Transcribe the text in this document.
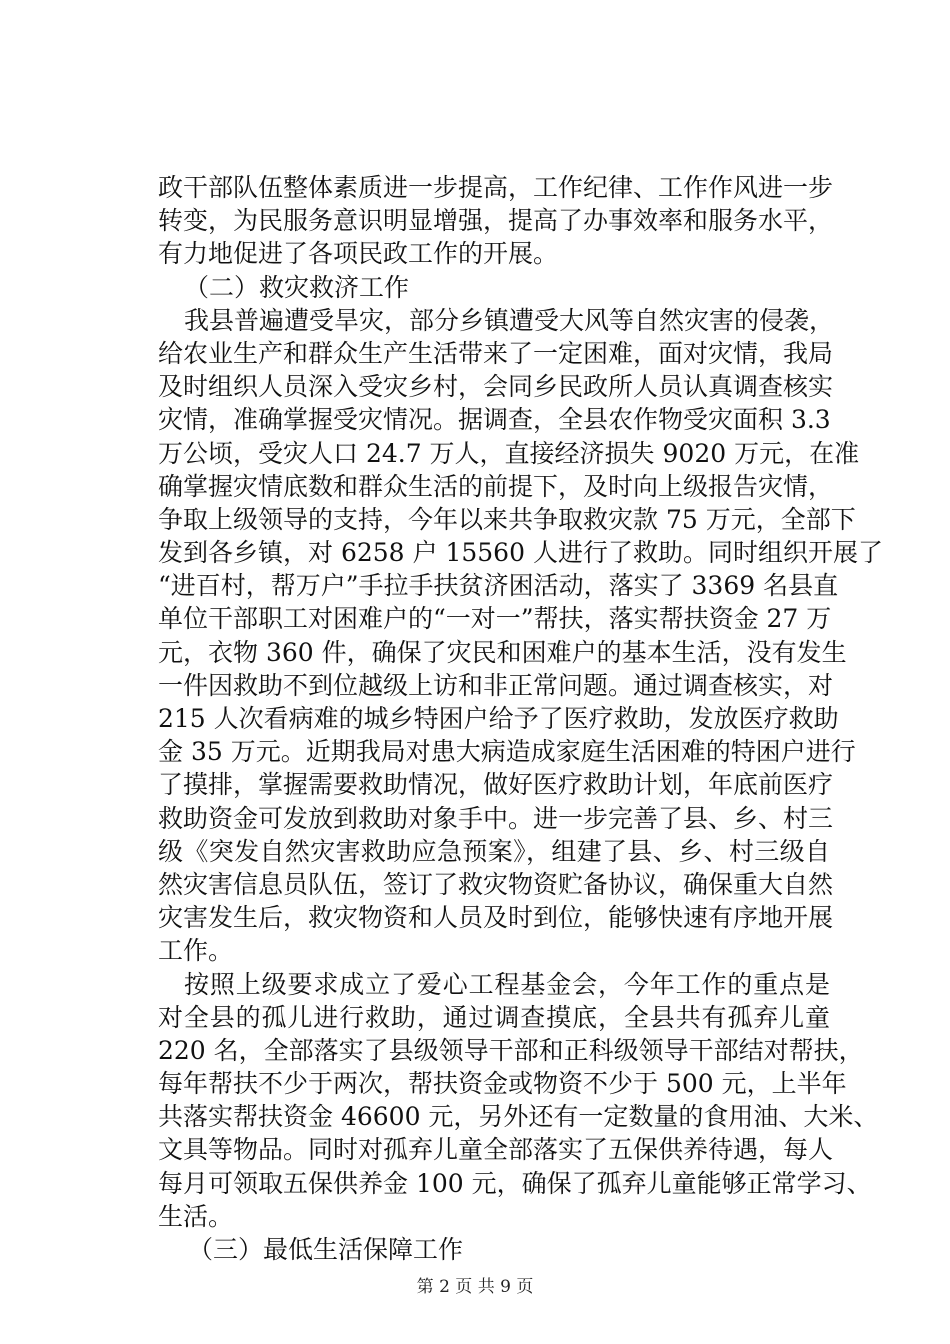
政干部队伍整体素质进一步提高，工作纪律、工作作风进一步
转变，为民服务意识明显增强，提高了办事效率和服务水平，
有力地促进了各项民政工作的开展。
（二）救灾救济工作
我县普遍遭受旱灾，部分乡镇遭受大风等自然灾害的侵袭，
给农业生产和群众生产生活带来了一定困难，面对灾情，我局
及时组织人员深入受灾乡村，会同乡民政所人员认真调查核实
灾情，准确掌握受灾情况。据调查，全县农作物受灾面积 3.3
万公顷，受灾人口 24.7 万人，直接经济损失 9020 万元，在准
确掌握灾情底数和群众生活的前提下，及时向上级报告灾情，
争取上级领导的支持，今年以来共争取救灾款 75 万元，全部下
发到各乡镇，对 6258 户 15560 人进行了救助。同时组织开展了
“进百村，帮万户”手拉手扶贫济困活动，落实了 3369 名县直
单位干部职工对困难户的“一对一”帮扶，落实帮扶资金 27 万
元，衣物 360 件，确保了灾民和困难户的基本生活，没有发生
一件因救助不到位越级上访和非正常问题。通过调查核实，对
215 人次看病难的城乡特困户给予了医疗救助，发放医疗救助
金 35 万元。近期我局对患大病造成家庭生活困难的特困户进行
了摸排，掌握需要救助情况，做好医疗救助计划，年底前医疗
救助资金可发放到救助对象手中。进一步完善了县、乡、村三
级《突发自然灾害救助应急预案》，组建了县、乡、村三级自
然灾害信息员队伍，签订了救灾物资贮备协议，确保重大自然
灾害发生后，救灾物资和人员及时到位，能够快速有序地开展
工作。
按照上级要求成立了爱心工程基金会，今年工作的重点是
对全县的孤儿进行救助，通过调查摸底，全县共有孤弃儿童
220 名，全部落实了县级领导干部和正科级领导干部结对帮扶，
每年帮扶不少于两次，帮扶资金或物资不少于 500 元，上半年
共落实帮扶资金 46600 元，另外还有一定数量的食用油、大米、
文具等物品。同时对孤弃儿童全部落实了五保供养待遇，每人
每月可领取五保供养金 100 元，确保了孤弃儿童能够正常学习、
生活。
（三）最低生活保障工作
第 2 页 共 9 页
